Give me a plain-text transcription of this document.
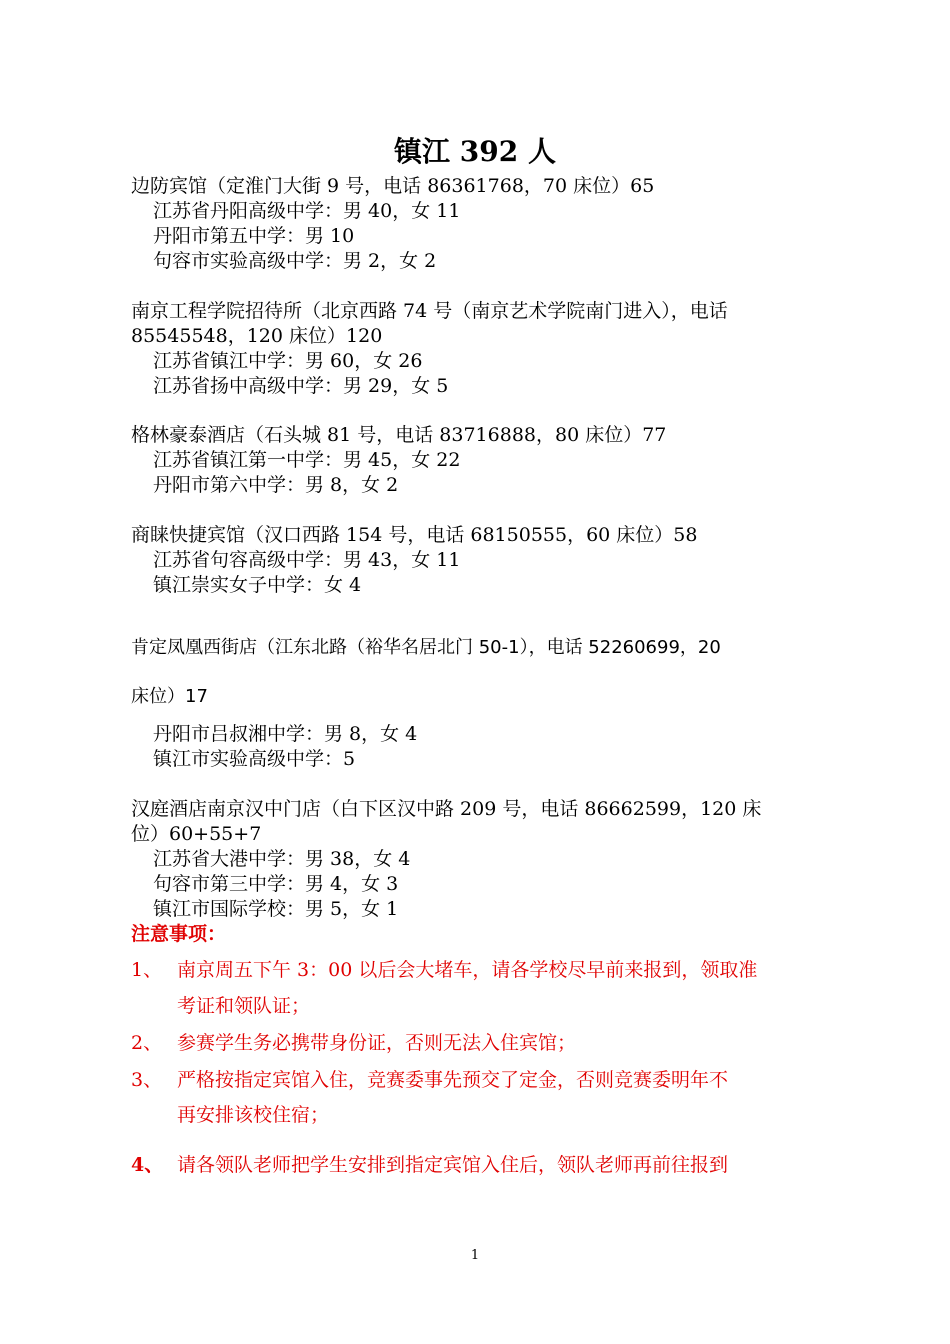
镇江 392 人
边防宾馆（定淮门大街 9 号，电话 86361768，70 床位）65
江苏省丹阳高级中学：男 40，女 11
丹阳市第五中学：男 10
句容市实验高级中学：男 2，女 2
南京工程学院招待所（北京西路 74 号（南京艺术学院南门进入），电话
85545548，120 床位）120
江苏省镇江中学：男 60，女 26
江苏省扬中高级中学：男 29，女 5
格林豪泰酒店（石头城 81 号，电话 83716888，80 床位）77
江苏省镇江第一中学：男 45，女 22
丹阳市第六中学：男 8，女 2
商睐快捷宾馆（汉口西路 154 号，电话 68150555，60 床位）58
江苏省句容高级中学：男 43，女 11
镇江崇实女子中学：女 4
肯定凤凰西街店（江东北路（裕华名居北门 50-1），电话 52260699，20
床位）17
丹阳市吕叔湘中学：男 8，女 4
镇江市实验高级中学：5
汉庭酒店南京汉中门店（白下区汉中路 209 号，电话 86662599，120 床
位）60+55+7
江苏省大港中学：男 38，女 4
句容市第三中学：男 4，女 3
镇江市国际学校：男 5，女 1
注意事项：
1、 南京周五下午 3：00 以后会大堵车，请各学校尽早前来报到，领取准
考证和领队证；
2、 参赛学生务必携带身份证，否则无法入住宾馆；
3、 严格按指定宾馆入住，竞赛委事先预交了定金，否则竞赛委明年不
再安排该校住宿；
4、 请各领队老师把学生安排到指定宾馆入住后，领队老师再前往报到
1
